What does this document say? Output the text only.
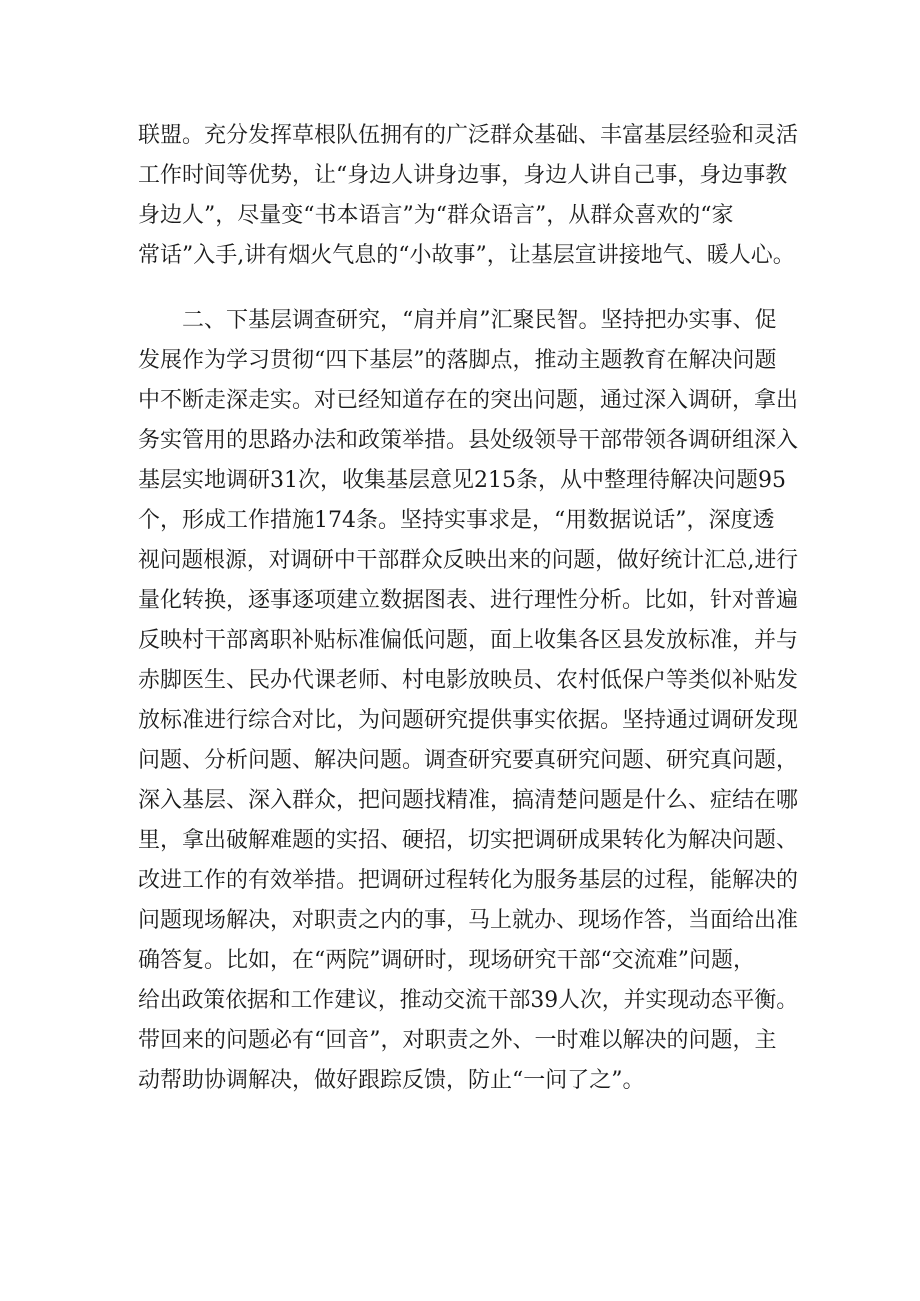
联盟。充分发挥草根队伍拥有的广泛群众基础、丰富基层经验和灵活
工作时间等优势，让“身边人讲身边事，身边人讲自己事，身边事教
身边人”，尽量变“书本语言”为“群众语言”，从群众喜欢的“家
常话”入手,讲有烟火气息的“小故事”，让基层宣讲接地气、暖人心。
　　二、下基层调查研究，“肩并肩”汇聚民智。坚持把办实事、促
发展作为学习贯彻“四下基层”的落脚点，推动主题教育在解决问题
中不断走深走实。对已经知道存在的突出问题，通过深入调研，拿出
务实管用的思路办法和政策举措。县处级领导干部带领各调研组深入
基层实地调研31次，收集基层意见215条，从中整理待解决问题95
个，形成工作措施174条。坚持实事求是，“用数据说话”，深度透
视问题根源，对调研中干部群众反映出来的问题，做好统计汇总,进行
量化转换，逐事逐项建立数据图表、进行理性分析。比如，针对普遍
反映村干部离职补贴标准偏低问题，面上收集各区县发放标准，并与
赤脚医生、民办代课老师、村电影放映员、农村低保户等类似补贴发
放标准进行综合对比，为问题研究提供事实依据。坚持通过调研发现
问题、分析问题、解决问题。调查研究要真研究问题、研究真问题，
深入基层、深入群众，把问题找精准，搞清楚问题是什么、症结在哪
里，拿出破解难题的实招、硬招，切实把调研成果转化为解决问题、
改进工作的有效举措。把调研过程转化为服务基层的过程，能解决的
问题现场解决，对职责之内的事，马上就办、现场作答，当面给出准
确答复。比如，在“两院”调研时，现场研究干部“交流难”问题，
给出政策依据和工作建议，推动交流干部39人次，并实现动态平衡。
带回来的问题必有“回音”，对职责之外、一时难以解决的问题，主
动帮助协调解决，做好跟踪反馈，防止“一问了之”。
